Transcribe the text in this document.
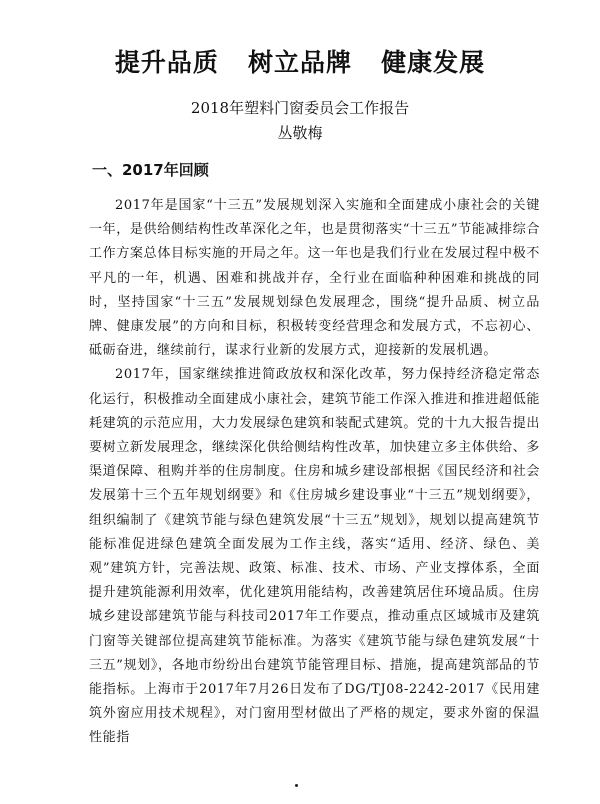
提升品质   树立品牌   健康发展
2018年塑料门窗委员会工作报告
丛敬梅
一、2017年回顾

2017年是国家“十三五”发展规划深入实施和全面建成小康社会的关键一年，是供给侧结构性改革深化之年，也是贯彻落实“十三五”节能减排综合工作方案总体目标实施的开局之年。这一年也是我们行业在发展过程中极不平凡的一年，机遇、困难和挑战并存，全行业在面临种种困难和挑战的同时，坚持国家“十三五”发展规划绿色发展理念，围绕“提升品质、树立品牌、健康发展”的方向和目标，积极转变经营理念和发展方式，不忘初心、砥砺奋进，继续前行，谋求行业新的发展方式，迎接新的发展机遇。

2017年，国家继续推进简政放权和深化改革，努力保持经济稳定常态化运行，积极推动全面建成小康社会，建筑节能工作深入推进和推进超低能耗建筑的示范应用，大力发展绿色建筑和装配式建筑。党的十九大报告提出要树立新发展理念，继续深化供给侧结构性改革，加快建立多主体供给、多渠道保障、租购并举的住房制度。住房和城乡建设部根据《国民经济和社会发展第十三个五年规划纲要》和《住房城乡建设事业“十三五”规划纲要》，组织编制了《建筑节能与绿色建筑发展“十三五”规划》，规划以提高建筑节能标准促进绿色建筑全面发展为工作主线，落实“适用、经济、绿色、美观”建筑方针，完善法规、政策、标准、技术、市场、产业支撑体系，全面提升建筑能源利用效率，优化建筑用能结构，改善建筑居住环境品质。住房城乡建设部建筑节能与科技司2017年工作要点，推动重点区域城市及建筑门窗等关键部位提高建筑节能标准。为落实《建筑节能与绿色建筑发展“十三五”规划》，各地市纷纷出台建筑节能管理目标、措施，提高建筑部品的节能指标。上海市于2017年7月26日发布了DG/TJ08-2242-2017《民用建筑外窗应用技术规程》，对门窗用型材做出了严格的规定，要求外窗的保温性能指
